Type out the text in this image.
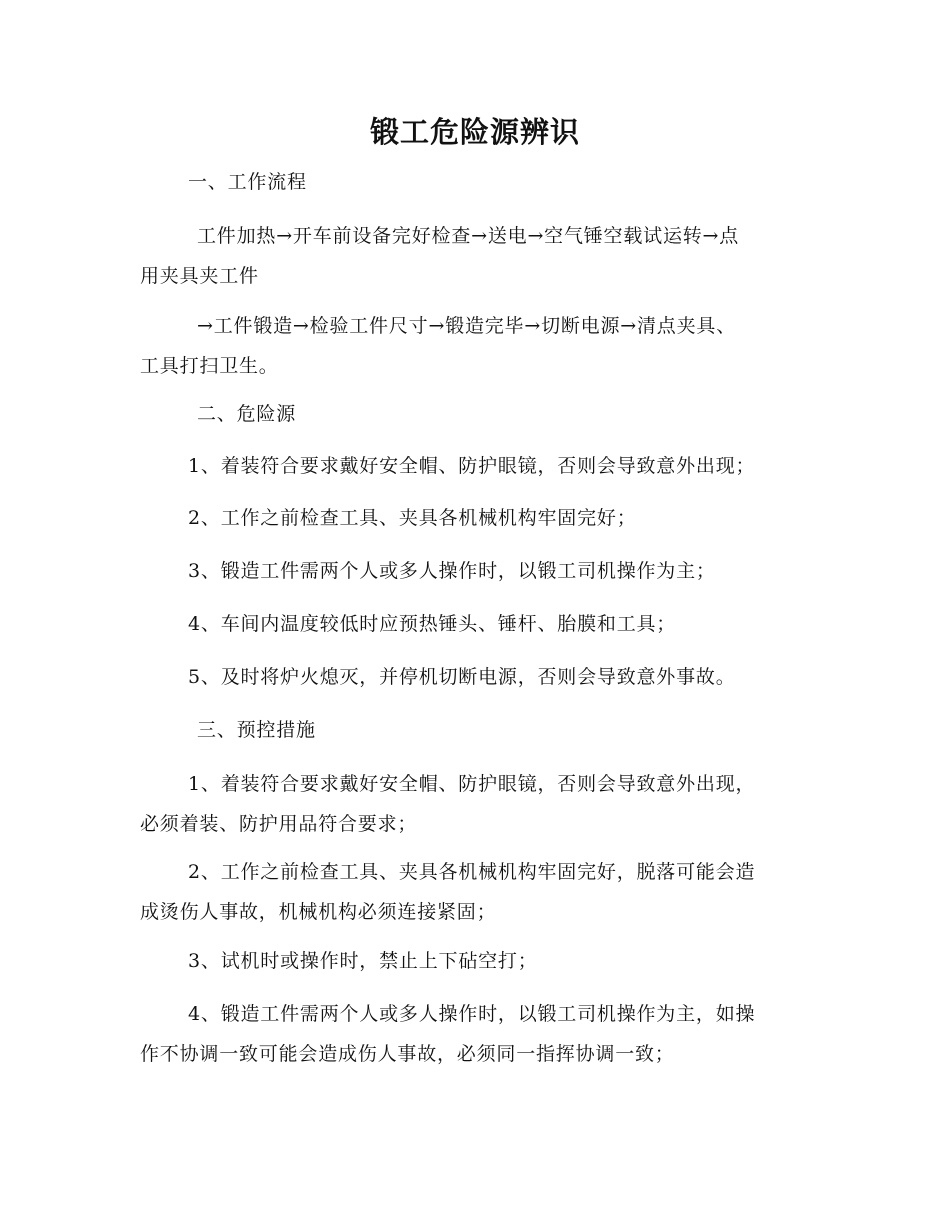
锻工危险源辨识

一、工作流程

工件加热→开车前设备完好检查→送电→空气锤空载试运转→点
用夹具夹工件

→工件锻造→检验工件尺寸→锻造完毕→切断电源→清点夹具、
工具打扫卫生。

二、危险源

1、着装符合要求戴好安全帽、防护眼镜，否则会导致意外出现；

2、工作之前检查工具、夹具各机械机构牢固完好；

3、锻造工件需两个人或多人操作时，以锻工司机操作为主；

4、车间内温度较低时应预热锤头、锤杆、胎膜和工具；

5、及时将炉火熄灭，并停机切断电源，否则会导致意外事故。

三、预控措施

1、着装符合要求戴好安全帽、防护眼镜，否则会导致意外出现，
必须着装、防护用品符合要求；

2、工作之前检查工具、夹具各机械机构牢固完好，脱落可能会造
成烫伤人事故，机械机构必须连接紧固；

3、试机时或操作时，禁止上下砧空打；

4、锻造工件需两个人或多人操作时，以锻工司机操作为主，如操
作不协调一致可能会造成伤人事故，必须同一指挥协调一致；
